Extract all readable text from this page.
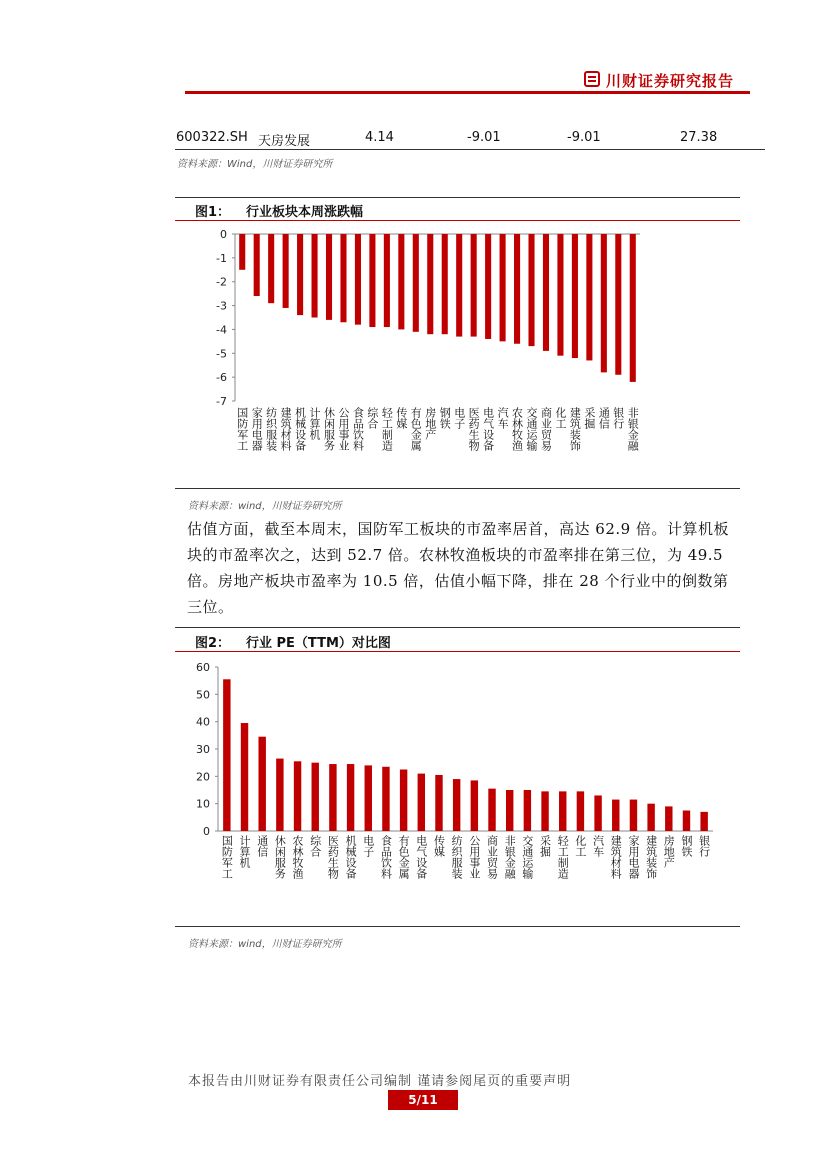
川财证券研究报告
600322.SH 天房发展	4.14	-9.01	-9.01	27.38
资料来源：Wind，川财证券研究所
图1： 行业板块本周涨跌幅
0
-1
-2
-3
-4
-5
-6
-7
资料来源：wind，川财证券研究所
估值方面，截至本周末，国防军工板块的市盈率居首，高达 62.9 倍。计算机板块的市盈率次之，达到 52.7 倍。农林牧渔板块的市盈率排在第三位，为 49.5 倍。房地产板块市盈率为 10.5 倍，估值小幅下降，排在 28 个行业中的倒数第三位。
图2： 行业 PE（TTM）对比图
0
10
20
30
40
50
60
资料来源：wind，川财证券研究所
本报告由川财证券有限责任公司编制 谨请参阅尾页的重要声明
5/11
国防军工 家用电器 纺织服装 建筑材料 机械设备 计算机 休闲服务 公用事业 食品饮料 综合 轻工制造 传媒 有色金属 房地产 钢铁 电子 医药生物 电气设备 汽车 农林牧渔 交通运输 商业贸易 化工 建筑装饰 采掘 通信 银行 非银金融
国防军工 计算机 通信 休闲服务 农林牧渔 综合 医药生物 机械设备 电子 食品饮料 有色金属 电气设备 传媒 纺织服装 公用事业 商业贸易 非银金融 交通运输 采掘 轻工制造 化工 汽车 建筑材料 家用电器 建筑装饰 房地产 钢铁 银行
